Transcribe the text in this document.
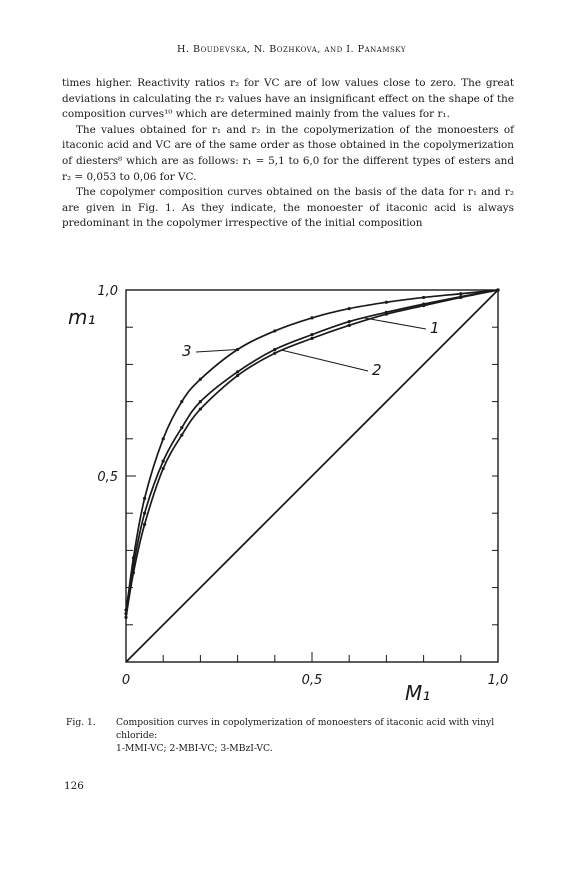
H. Boudevska, N. Bozhkova, and I. Panamsky

times higher. Reactivity ratios r₂ for VC are of low values close to zero. The great deviations in calculating the r₂ values have an insignificant effect on the shape of the composition curves¹⁰ which are determined mainly from the values for r₁.

The values obtained for r₁ and r₂ in the copolymerization of the monoesters of itaconic acid and VC are of the same order as those obtained in the copolymerization of diesters⁸ which are as follows: r₁ = 5,1 to 6,0 for the different types of esters and r₂ = 0,053 to 0,06 for VC.

The copolymer composition curves obtained on the basis of the data for r₁ and r₂ are given in Fig. 1. As they indicate, the monoester of itaconic acid is always predominant in the copolymer irrespective of the initial composition

0	0,5	1,0
0,5
1,0
m₁
M₁
3
1
2
Fig. 1. Composition curves in copolymerization of monoesters of itaconic acid with vinyl chloride:
1-MMI-VC; 2-MBI-VC; 3-MBzI-VC.
126
